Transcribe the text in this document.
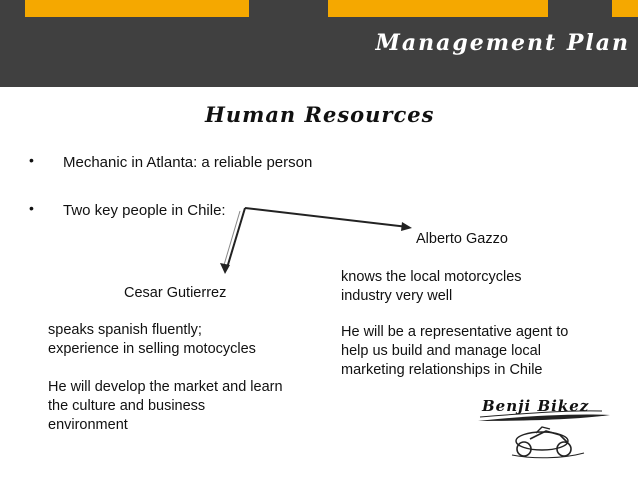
Management Plan
Human Resources
• Mechanic in Atlanta: a reliable person
• Two key people in Chile:
Alberto Gazzo
Cesar Gutierrez
knows the local motorcycles
industry very well
He will be a representative agent to
help us build and manage local
marketing relationships in Chile
speaks spanish fluently;
experience in selling motocycles
He will develop the market and learn
the culture and business
environment
Benji Bikez
